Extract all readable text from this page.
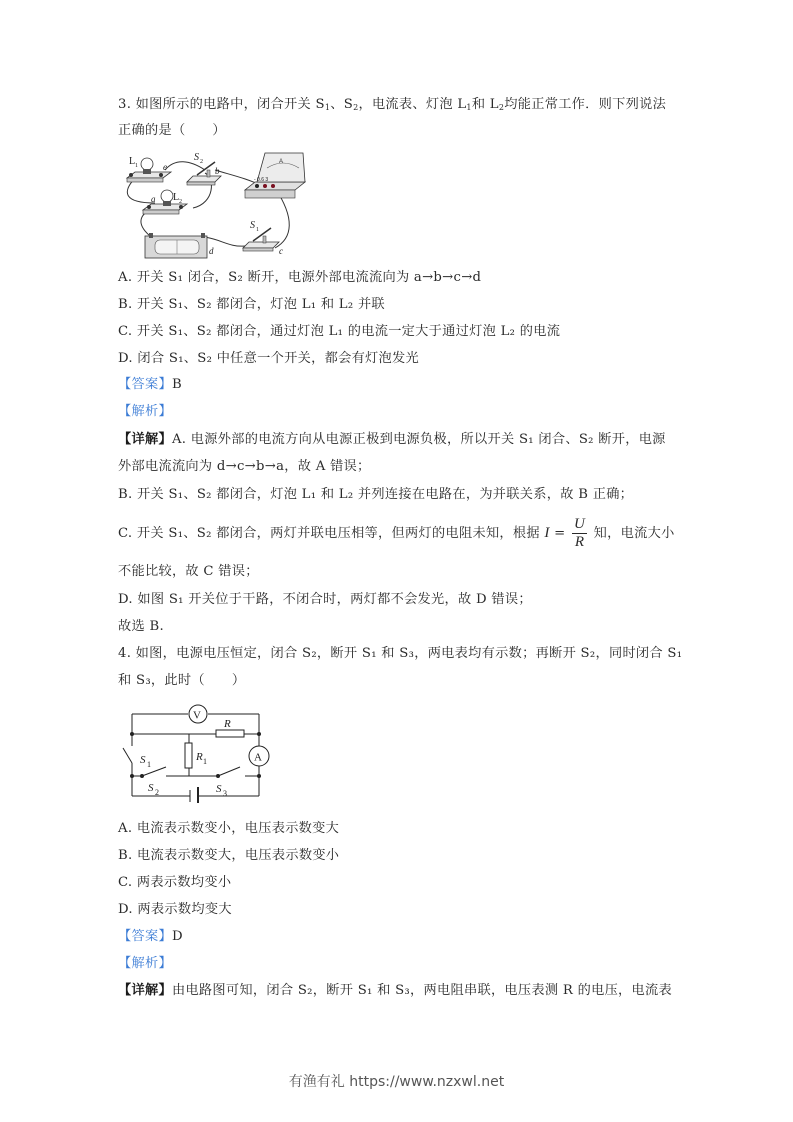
3. 如图所示的电路中，闭合开关 $S_1$、$S_2$，电流表、灯泡 $L_1$和 $L_2$均能正常工作．则下列说法
正确的是（　　）
L 1	e
S 2
b
A
- 0.6 3
a L 2
d
S 1
c
A. 开关 S₁ 闭合，S₂ 断开，电源外部电流流向为 a→b→c→d
B. 开关 S₁、S₂ 都闭合，灯泡 L₁ 和 L₂ 并联
C. 开关 S₁、S₂ 都闭合，通过灯泡 L₁ 的电流一定大于通过灯泡 L₂ 的电流
D. 闭合 S₁、S₂ 中任意一个开关，都会有灯泡发光
【答案】B
【解析】
【详解】A. 电源外部的电流方向从电源正极到电源负极，所以开关 S₁ 闭合、S₂ 断开，电源
外部电流流向为 d→c→b→a，故 A 错误；
B. 开关 S₁、S₂ 都闭合，灯泡 L₁ 和 L₂ 并列连接在电路在，为并联关系，故 B 正确；
C. 开关 S₁、S₂ 都闭合，两灯并联电压相等，但两灯的电阻未知，根据 $I = \frac{U}{R}$ 知，电流大小
不能比较，故 C 错误；
D. 如图 S₁ 开关位于干路，不闭合时，两灯都不会发光，故 D 错误；
故选 B.
4. 如图，电源电压恒定，闭合 S₂，断开 S₁ 和 S₃，两电表均有示数；再断开 S₂，同时闭合 S₁
和 S₃，此时（　　）
V
A
R
R 1
S 1
S 2	S 3
A. 电流表示数变小，电压表示数变大
B. 电流表示数变大，电压表示数变小
C. 两表示数均变小
D. 两表示数均变大
【答案】D
【解析】
【详解】由电路图可知，闭合 S₂，断开 S₁ 和 S₃，两电阻串联，电压表测 R 的电压，电流表
有渔有礼 https://www.nzxwl.net
